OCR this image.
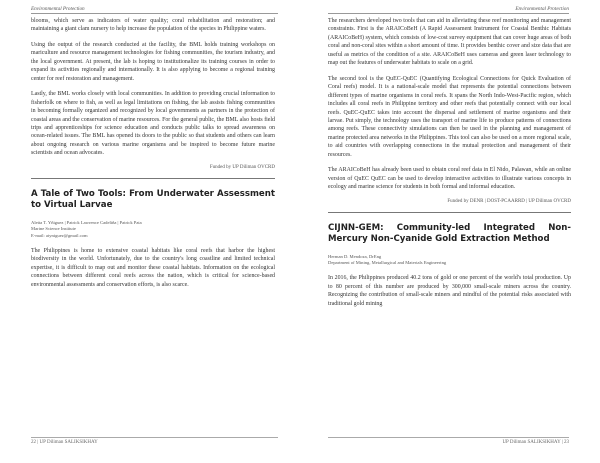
Environmental Protection

blooms, which serve as indicators of water quality; coral rehabilitation and restoration; and maintaining a giant clam nursery to help increase the population of the species in Philippine waters.

Using the output of the research conducted at the facility, the BML holds training workshops on mariculture and resource management technologies for fishing communities, the tourism industry, and the local government. At present, the lab is hoping to institutionalize its training courses in order to expand its activities regionally and internationally. It is also applying to become a regional training center for reef restoration and management.

Lastly, the BML works closely with local communities. In addition to providing crucial information to fisherfolk on where to fish, as well as legal limitations on fishing, the lab assists fishing communities in becoming formally organized and recognized by local governments as partners in the protection of coastal areas and the conservation of marine resources. For the general public, the BML also hosts field trips and apprenticeships for science education and conducts public talks to spread awareness on ocean-related issues. The BML has opened its doors to the public so that students and others can learn about ongoing research on various marine organisms and be inspired to become future marine scientists and ocean advocates.

Funded by UP Diliman OVCRD
A Tale of Two Tools: From Underwater Assessment to Virtual Larvae
Aletta T. Yñiguez | Patrick Lawrence Cadeliña | Patrick Pata
Marine Science Institute
E-mail: atyniguez@gmail.com

The Philippines is home to extensive coastal habitats like coral reefs that harbor the highest biodiversity in the world. Unfortunately, due to the country's long coastline and limited technical expertise, it is difficult to map out and monitor these coastal habitats. Information on the ecological connections between different coral reefs across the nation, which is critical for science-based environmental assessments and conservation efforts, is also scarce.

22 | UP Diliman SALIKSIKHAY
Environmental Protection

The researchers developed two tools that can aid in alleviating these reef monitoring and management constraints. First is the ARAICoBeH (A Rapid Assessment Instrument for Coastal Benthic Habitats (ARAICoBeH) system, which consists of low-cost survey equipment that can cover huge areas of both coral and non-coral sites within a short amount of time. It provides benthic cover and size data that are useful as metrics of the condition of a site. ARAICoBeH uses cameras and green laser technology to map out the features of underwater habitats to scale on a grid.

The second tool is the QuEC-QuEC (Quantifying Ecological Connections for Quick Evaluation of Coral reefs) model. It is a national-scale model that represents the potential connections between different types of marine organisms in coral reefs. It spans the North Indo-West-Pacific region, which includes all coral reefs in Philippine territory and other reefs that potentially connect with our local reefs. QuEC-QuEC takes into account the dispersal and settlement of marine organisms and their larvae. Put simply, the technology uses the transport of marine life to produce patterns of connections among reefs. These connectivity simulations can then be used in the planning and management of marine protected area networks in the Philippines. This tool can also be used on a more regional scale, to aid countries with overlapping connections in the mutual protection and management of their resources.

The ARAICoBeH has already been used to obtain coral reef data in El Nido, Palawan, while an online version of QuEC QuEC can be used to develop interactive activities to illustrate various concepts in ecology and marine science for students in both formal and informal education.

Funded by DENR | DOST-PCAARRD | UP Diliman OVCRD
CIJNN-GEM: Community-led Integrated Non-Mercury Non-Cyanide Gold Extraction Method
Herman D. Mendoza, DrEng
Department of Mining, Metallurgical and Materials Engineering

In 2016, the Philippines produced 40.2 tons of gold or one percent of the world's total production. Up to 80 percent of this number are produced by 300,000 small-scale miners across the country. Recognizing the contribution of small-scale miners and mindful of the potential risks associated with traditional gold mining

UP Diliman SALIKSIKHAY | 23
